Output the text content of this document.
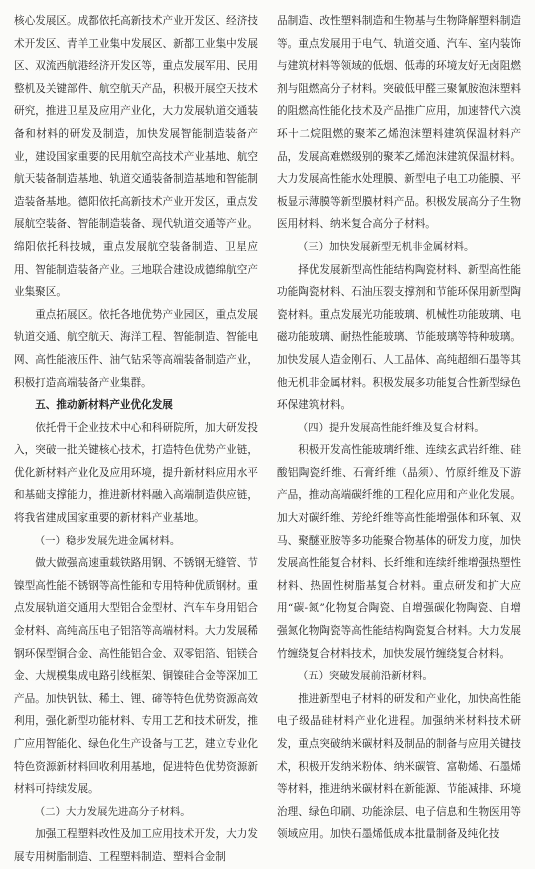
核心发展区。成都依托高新技术产业开发区、经济技术开发区、青羊工业集中发展区、新都工业集中发展区、双流西航港经济开发区等，重点发展军用、民用整机及关键部件、航空航天产品，积极开展空天技术研究，推进卫星及应用产业化，大力发展轨道交通装备和材料的研发及制造，加快发展智能制造装备产业，建设国家重要的民用航空高技术产业基地、航空航天装备制造基地、轨道交通装备制造基地和智能制造装备基地。德阳依托高新技术产业开发区，重点发展航空装备、智能制造装备、现代轨道交通等产业。绵阳依托科技城，重点发展航空装备制造、卫星应用、智能制造装备产业。三地联合建设成德绵航空产业集聚区。

重点拓展区。依托各地优势产业园区，重点发展轨道交通、航空航天、海洋工程、智能制造、智能电网、高性能液压件、油气钻采等高端装备制造产业，积极打造高端装备产业集群。

五、推动新材料产业优化发展

依托骨干企业技术中心和科研院所，加大研发投入，突破一批关键核心技术，打造特色优势产业链，优化新材料产业化及应用环境，提升新材料应用水平和基础支撑能力，推进新材料融入高端制造供应链，将我省建成国家重要的新材料产业基地。

（一）稳步发展先进金属材料。

做大做强高速重载铁路用钢、不锈钢无缝管、节镍型高性能不锈钢等高性能和专用特种优质钢材。重点发展轨道交通用大型铝合金型材、汽车车身用铝合金材料、高纯高压电子铝箔等高端材料。大力发展稀钢环保型铜合金、高性能铝合金、双零铝箔、铝镁合金、大规模集成电路引线框架、铜镍硅合金等深加工产品。加快钒钛、稀土、锂、碲等特色优势资源高效利用，强化新型功能材料、专用工艺和技术研发，推广应用智能化、绿色化生产设备与工艺，建立专业化特色资源新材料回收利用基地，促进特色优势资源新材料可持续发展。

（二）大力发展先进高分子材料。

加强工程塑料改性及加工应用技术开发，大力发展专用树脂制造、工程塑料制造、塑料合金制

品制造、改性塑料制造和生物基与生物降解塑料制造等。重点发展用于电气、轨道交通、汽车、室内装饰与建筑材料等领域的低烟、低毒的环境友好无卤阻燃剂与阻燃高分子材料。突破低甲醛三聚氰胺泡沫塑料的阻燃高性能化技术及产品推广应用，加速替代六溴环十二烷阻燃的聚苯乙烯泡沫塑料建筑保温材料产品，发展高难燃级别的聚苯乙烯泡沫建筑保温材料。大力发展高性能水处理膜、新型电子电工功能膜、平板显示薄膜等新型膜材料产品。积极发展高分子生物医用材料、纳米复合高分子材料。

（三）加快发展新型无机非金属材料。

择优发展新型高性能结构陶瓷材料、新型高性能功能陶瓷材料、石油压裂支撑剂和节能环保用新型陶瓷材料。重点发展光功能玻璃、机械性功能玻璃、电磁功能玻璃、耐热性能玻璃、节能玻璃等特种玻璃。加快发展人造金刚石、人工晶体、高纯超细石墨等其他无机非金属材料。积极发展多功能复合性新型绿色环保建筑材料。

（四）提升发展高性能纤维及复合材料。

积极开发高性能玻璃纤维、连续玄武岩纤维、硅酸铝陶瓷纤维、石膏纤维（晶须）、竹原纤维及下游产品，推动高端碳纤维的工程化应用和产业化发展。加大对碳纤维、芳纶纤维等高性能增强体和环氧、双马、聚醚亚胺等多功能聚合物基体的研发力度，加快发展高性能复合材料、长纤维和连续纤维增强热塑性材料、热固性树脂基复合材料。重点研发和扩大应用“碳-氮”化物复合陶瓷、自增强碳化物陶瓷、自增强氮化物陶瓷等高性能结构陶瓷复合材料。大力发展竹缠绕复合材料技术，加快发展竹缠绕复合材料。

（五）突破发展前沿新材料。

推进新型电子材料的研发和产业化，加快高性能电子级晶硅材料产业化进程。加强纳米材料技术研发，重点突破纳米碳材料及制品的制备与应用关键技术，积极开发纳米粉体、纳米碳管、富勒烯、石墨烯等材料，推进纳米碳材料在新能源、节能减排、环境治理、绿色印刷、功能涂层、电子信息和生物医用等领域应用。加快石墨烯低成本批量制备及纯化技
